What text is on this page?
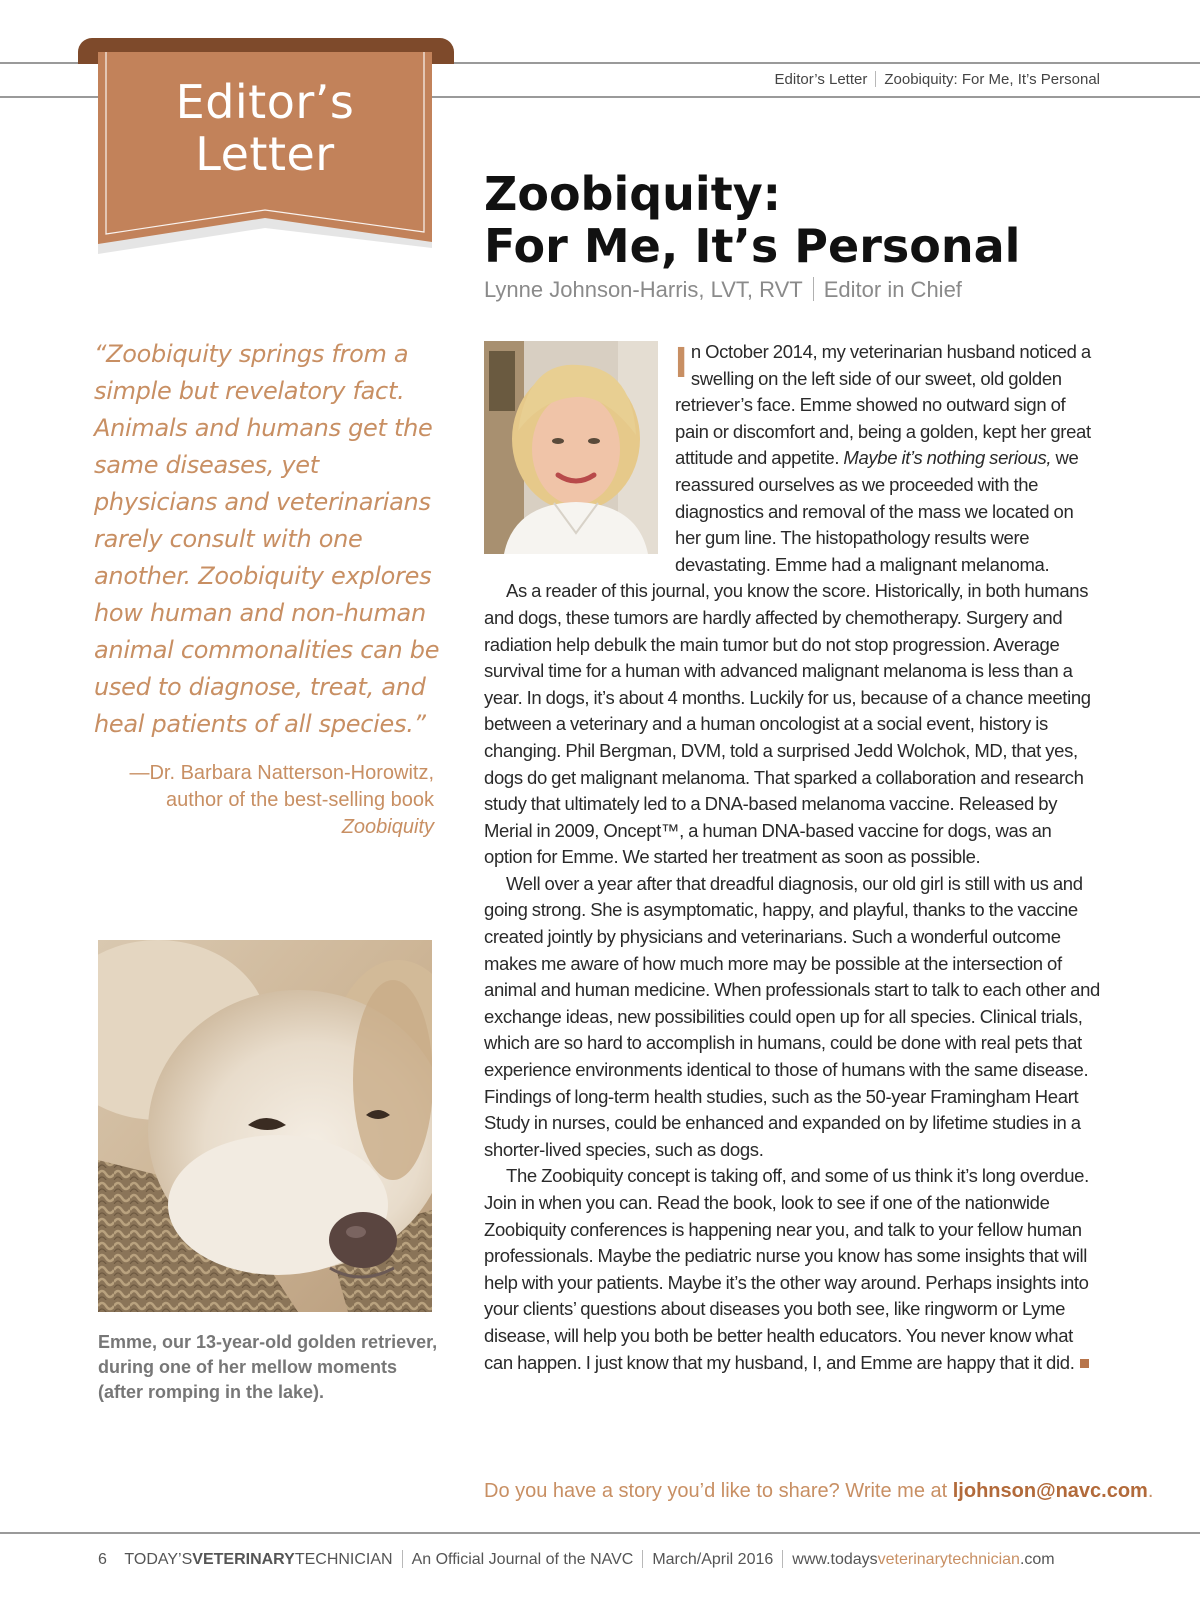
Editor’s Letter Zoobiquity: For Me, It’s Personal
Editor’s
Letter
Zoobiquity:
For Me, It’s Personal
Lynne Johnson-Harris, LVT, RVT Editor in Chief

“Zoobiquity springs from a simple but revelatory fact. Animals and humans get the same diseases, yet physicians and veterinarians rarely consult with one another. Zoobiquity explores how human and non-human animal commonalities can be used to diagnose, treat, and heal patients of all species.”

—Dr. Barbara Natterson-Horowitz,
author of the best-selling book
Zoobiquity

Emme, our 13-year-old golden retriever, during one of her mellow moments (after romping in the lake).

In October 2014, my veterinarian husband noticed a swelling on the left side of our sweet, old golden retriever’s face. Emme showed no outward sign of pain or discomfort and, being a golden, kept her great attitude and appetite. Maybe it’s nothing serious, we reassured ourselves as we proceeded with the diagnostics and removal of the mass we located on her gum line. The histopathology results were devastating. Emme had a malignant melanoma.

As a reader of this journal, you know the score. Historically, in both humans and dogs, these tumors are hardly affected by chemotherapy. Surgery and radiation help debulk the main tumor but do not stop progression. Average survival time for a human with advanced malignant melanoma is less than a year. In dogs, it’s about 4 months. Luckily for us, because of a chance meeting between a veterinary and a human oncologist at a social event, history is changing. Phil Bergman, DVM, told a surprised Jedd Wolchok, MD, that yes, dogs do get malignant melanoma. That sparked a collaboration and research study that ultimately led to a DNA-based melanoma vaccine. Released by Merial in 2009, Oncept™, a human DNA-based vaccine for dogs, was an option for Emme. We started her treatment as soon as possible.

Well over a year after that dreadful diagnosis, our old girl is still with us and going strong. She is asymptomatic, happy, and playful, thanks to the vaccine created jointly by physicians and veterinarians. Such a wonderful outcome makes me aware of how much more may be possible at the intersection of animal and human medicine. When professionals start to talk to each other and exchange ideas, new possibilities could open up for all species. Clinical trials, which are so hard to accomplish in humans, could be done with real pets that experience environments identical to those of humans with the same disease. Findings of long-term health studies, such as the 50-year Framingham Heart Study in nurses, could be enhanced and expanded on by lifetime studies in a shorter-lived species, such as dogs.

The Zoobiquity concept is taking off, and some of us think it’s long overdue. Join in when you can. Read the book, look to see if one of the nationwide Zoobiquity conferences is happening near you, and talk to your fellow human professionals. Maybe the pediatric nurse you know has some insights that will help with your patients. Maybe it’s the other way around. Perhaps insights into your clients’ questions about diseases you both see, like ringworm or Lyme disease, will help you both be better health educators. You never know what can happen. I just know that my husband, I, and Emme are happy that it did.

Do you have a story you’d like to share? Write me at ljohnson@navc.com.
6 TODAY’SVETERINARYTECHNICIAN An Official Journal of the NAVC March/April 2016 www.todaysveterinarytechnician.com
